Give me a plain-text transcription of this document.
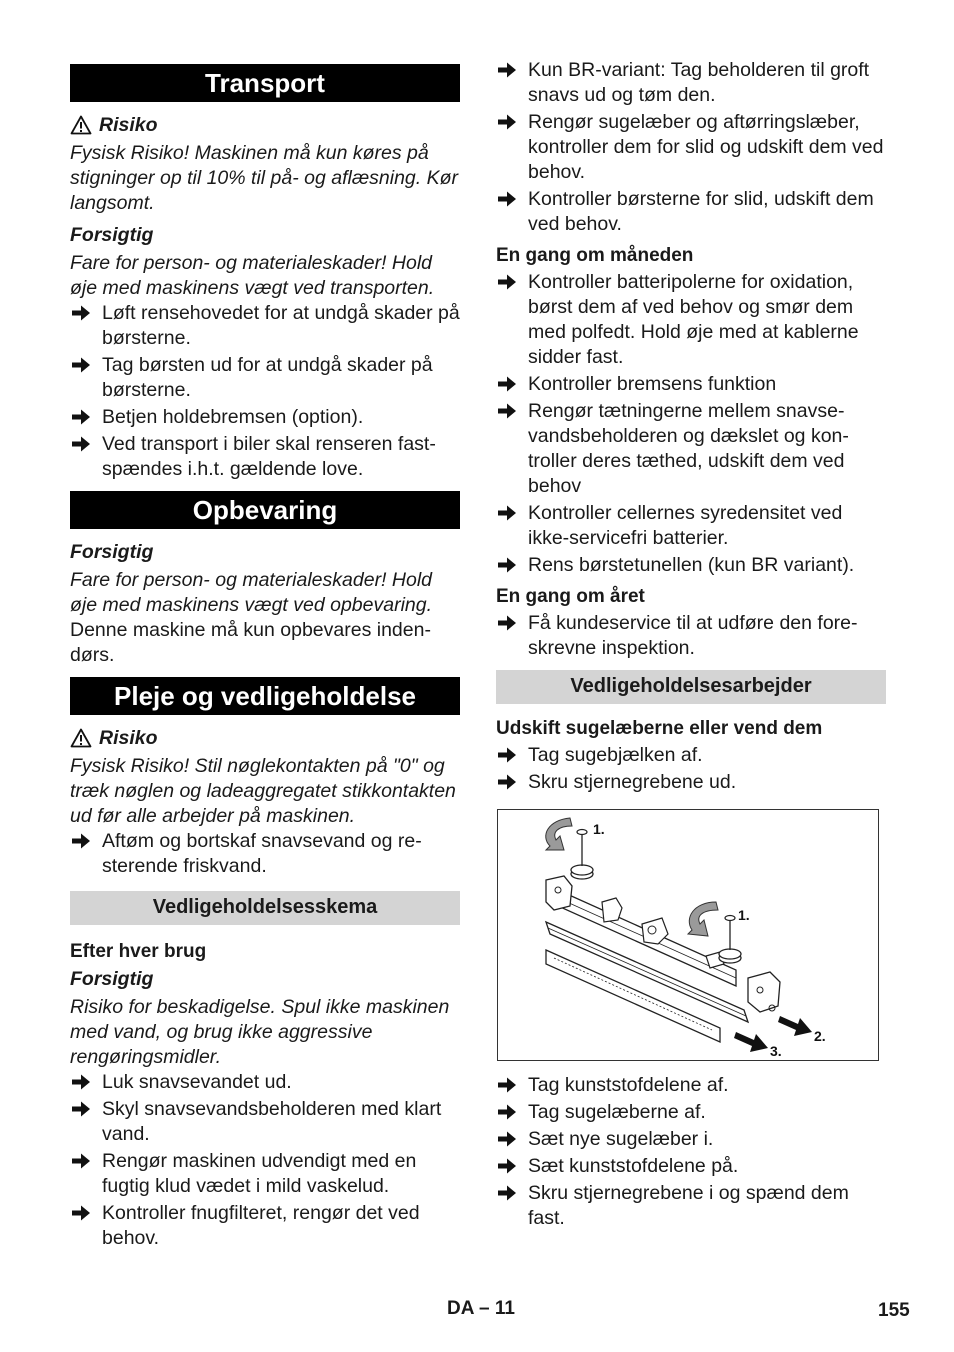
Transport
Risiko

Fysisk Risiko! Maskinen må kun køres på stigninger op til 10% til på- og aflæsning. Kør langsomt.

Forsigtig

Fare for person- og materialeskader! Hold øje med maskinens vægt ved transporten.

Løft rensehovedet for at undgå skader på børsterne.
Tag børsten ud for at undgå skader på børsterne.
Betjen holdebremsen (option).
Ved transport i biler skal renseren fastspændes i.h.t. gældende love.
Opbevaring
Forsigtig

Fare for person- og materialeskader! Hold øje med maskinens vægt ved opbevaring.

Denne maskine må kun opbevares indendørs.

Pleje og vedligeholdelse
Risiko

Fysisk Risiko! Stil nøglekontakten på "0" og træk nøglen og ladeaggregatet stikkontakten ud før alle arbejder på maskinen.

Aftøm og bortskaf snavsevand og resterende friskvand.
Vedligeholdelsesskema
Efter hver brug
Forsigtig

Risiko for beskadigelse. Spul ikke maskinen med vand, og brug ikke aggressive rengøringsmidler.

Luk snavsevandet ud.
Skyl snavsevandsbeholderen med klart vand.
Rengør maskinen udvendigt med en fugtig klud vædet i mild vaskelud.
Kontroller fnugfilteret, rengør det ved behov.
Kun BR-variant: Tag beholderen til groft snavs ud og tøm den.
Rengør sugelæber og aftørringslæber, kontroller dem for slid og udskift dem ved behov.
Kontroller børsterne for slid, udskift dem ved behov.
En gang om måneden
Kontroller batteripolerne for oxidation, børst dem af ved behov og smør dem med polfedt. Hold øje med at kablerne sidder fast.
Kontroller bremsens funktion
Rengør tætningerne mellem snavsevandsbeholderen og dækslet og kontroller deres tæthed, udskift dem ved behov
Kontroller cellernes syredensitet ved ikke-servicefri batterier.
Rens børstetunellen (kun BR variant).
En gang om året
Få kundeservice til at udføre den foreskrevne inspektion.
Vedligeholdelsesarbejder
Udskift sugelæberne eller vend dem
Tag sugebjælken af.
Skru stjernegrebene ud.
1.
1.
2.
3.
Tag kunststofdelene af.
Tag sugelæberne af.
Sæt nye sugelæber i.
Sæt kunststofdelene på.
Skru stjernegrebene i og spænd dem fast.
DA – 11	155
